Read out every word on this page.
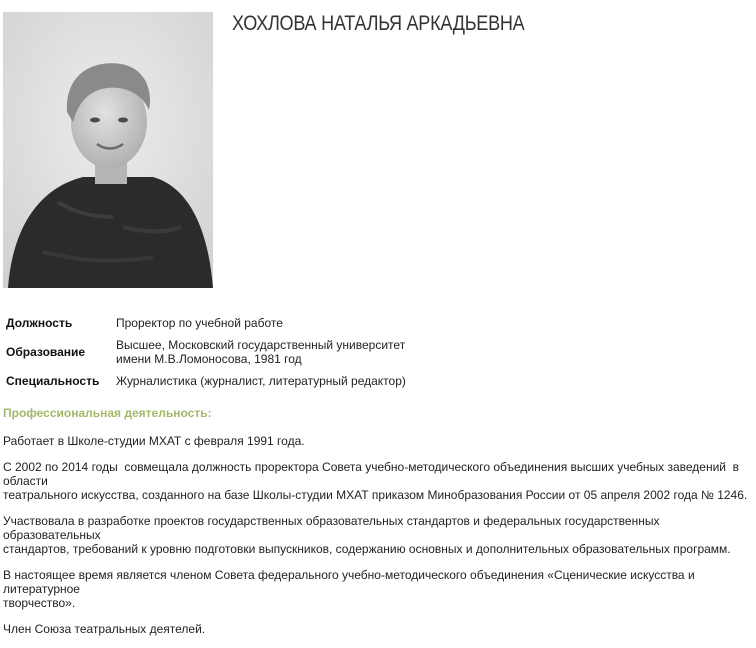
ХОХЛОВА НАТАЛЬЯ АРКАДЬЕВНА
Должность	Проректор по учебной работе
Образование	Высшее, Московский государственный университет
имени М.В.Ломоносова, 1981 год
Специальность	Журналистика (журналист, литературный редактор)
Профессиональная деятельность:

Работает в Школе-студии МХАТ с февраля 1991 года.

С 2002 по 2014 годы  совмещала должность проректора Совета учебно-методического объединения высших учебных заведений  в области
театрального искусства, созданного на базе Школы-студии МХАТ приказом Минобразования России от 05 апреля 2002 года № 1246.

Участвовала в разработке проектов государственных образовательных стандартов и федеральных государственных образовательных
стандартов, требований к уровню подготовки выпускников, содержанию основных и дополнительных образовательных программ.

В настоящее время является членом Совета федерального учебно-методического объединения «Сценические искусства и литературное
творчество».

Член Союза театральных деятелей.
